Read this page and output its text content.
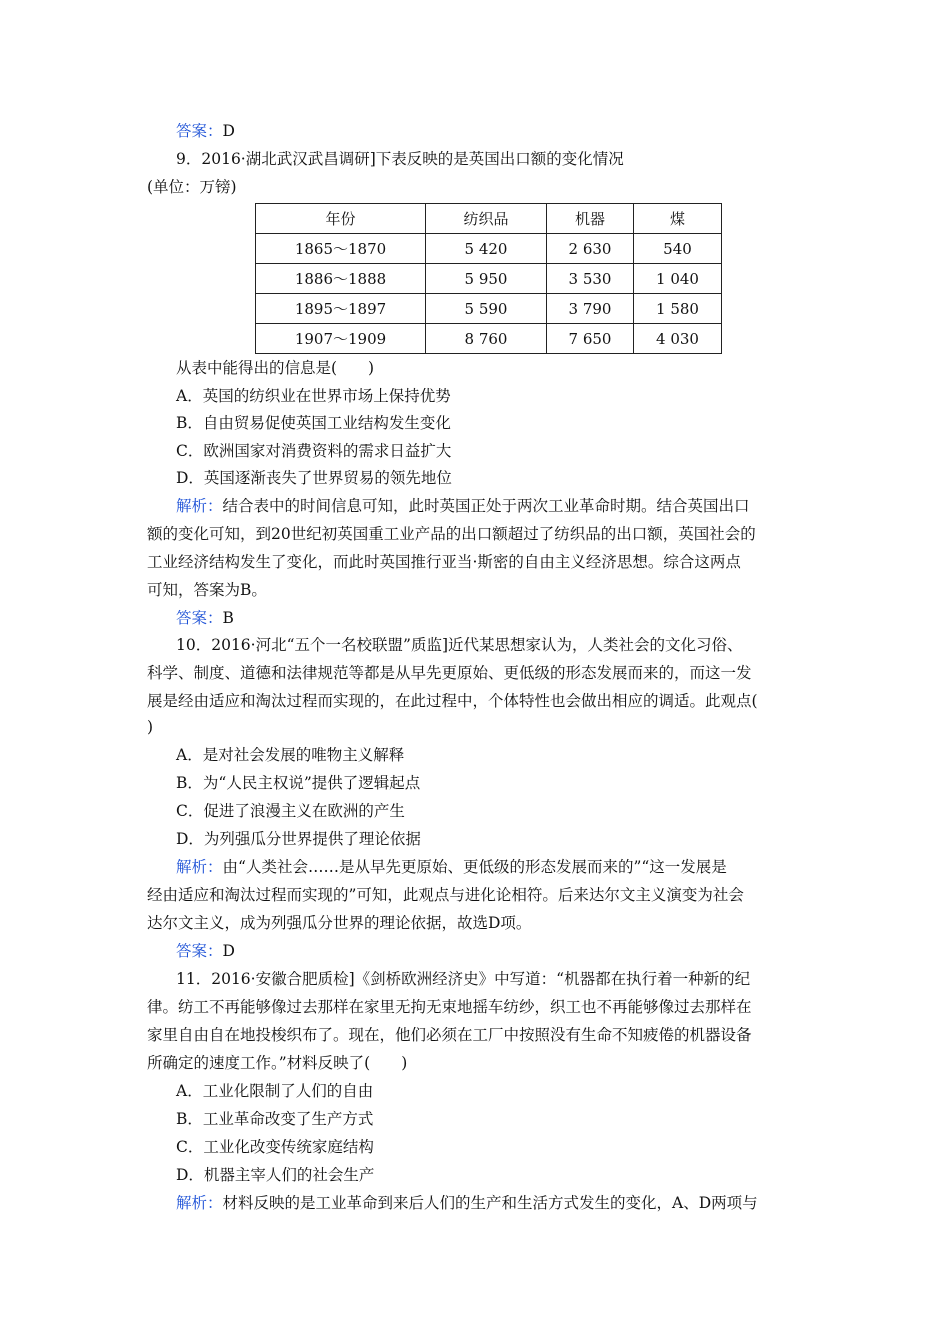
答案：D
9．2016·湖北武汉武昌调研]下表反映的是英国出口额的变化情况
(单位：万镑)
年份	纺织品	机器	煤
1865～1870	5 420	2 630	540
1886～1888	5 950	3 530	1 040
1895～1897	5 590	3 790	1 580
1907～1909	8 760	7 650	4 030
从表中能得出的信息是(　　)
A．英国的纺织业在世界市场上保持优势
B．自由贸易促使英国工业结构发生变化
C．欧洲国家对消费资料的需求日益扩大
D．英国逐渐丧失了世界贸易的领先地位
解析：结合表中的时间信息可知，此时英国正处于两次工业革命时期。结合英国出口
额的变化可知，到20世纪初英国重工业产品的出口额超过了纺织品的出口额，英国社会的
工业经济结构发生了变化，而此时英国推行亚当·斯密的自由主义经济思想。综合这两点
可知，答案为B。
答案：B
10．2016·河北“五个一名校联盟”质监]近代某思想家认为，人类社会的文化习俗、
科学、制度、道德和法律规范等都是从早先更原始、更低级的形态发展而来的，而这一发
展是经由适应和淘汰过程而实现的，在此过程中，个体特性也会做出相应的调适。此观点(
)
A．是对社会发展的唯物主义解释
B．为“人民主权说”提供了逻辑起点
C．促进了浪漫主义在欧洲的产生
D．为列强瓜分世界提供了理论依据
解析：由“人类社会……是从早先更原始、更低级的形态发展而来的”“这一发展是
经由适应和淘汰过程而实现的”可知，此观点与进化论相符。后来达尔文主义演变为社会
达尔文主义，成为列强瓜分世界的理论依据，故选D项。
答案：D
11．2016·安徽合肥质检]《剑桥欧洲经济史》中写道：“机器都在执行着一种新的纪
律。纺工不再能够像过去那样在家里无拘无束地摇车纺纱，织工也不再能够像过去那样在
家里自由自在地投梭织布了。现在，他们必须在工厂中按照没有生命不知疲倦的机器设备
所确定的速度工作。”材料反映了(　　)
A．工业化限制了人们的自由
B．工业革命改变了生产方式
C．工业化改变传统家庭结构
D．机器主宰人们的社会生产
解析：材料反映的是工业革命到来后人们的生产和生活方式发生的变化，A、D两项与
